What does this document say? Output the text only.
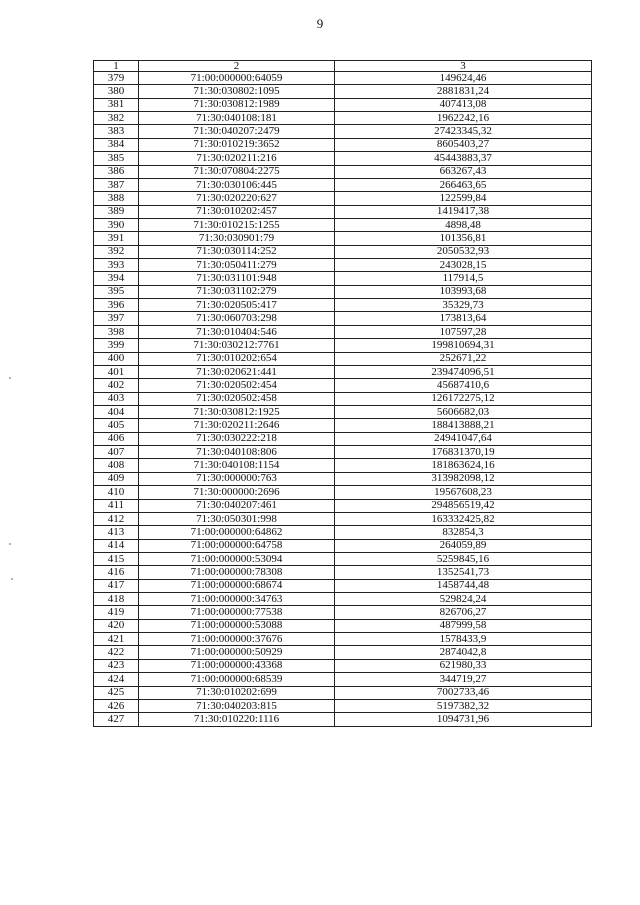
9
1	2	3
379	71:00:000000:64059	149624,46
380	71:30:030802:1095	2881831,24
381	71:30:030812:1989	407413,08
382	71:30:040108:181	1962242,16
383	71:30:040207:2479	27423345,32
384	71:30:010219:3652	8605403,27
385	71:30:020211:216	45443883,37
386	71:30:070804:2275	663267,43
387	71:30:030106:445	266463,65
388	71:30:020220:627	122599,84
389	71:30:010202:457	1419417,38
390	71:30:010215:1255	4898,48
391	71:30:030901:79	101356,81
392	71:30:030114:252	2050532,93
393	71:30:050411:279	243028,15
394	71:30:031101:948	117914,5
395	71:30:031102:279	103993,68
396	71:30:020505:417	35329,73
397	71:30:060703:298	173813,64
398	71:30:010404:546	107597,28
399	71:30:030212:7761	199810694,31
400	71:30:010202:654	252671,22
401	71:30:020621:441	239474096,51
402	71:30:020502:454	45687410,6
403	71:30:020502:458	126172275,12
404	71:30:030812:1925	5606682,03
405	71:30:020211:2646	188413888,21
406	71:30:030222:218	24941047,64
407	71:30:040108:806	176831370,19
408	71:30:040108:1154	181863624,16
409	71:30:000000:763	313982098,12
410	71:30:000000:2696	19567608,23
411	71:30:040207:461	294856519,42
412	71:30:050301:998	163332425,82
413	71:00:000000:64862	832854,3
414	71:00:000000:64758	264059,89
415	71:00:000000:53094	5259845,16
416	71:00:000000:78308	1352541,73
417	71:00:000000:68674	1458744,48
418	71:00:000000:34763	529824,24
419	71:00:000000:77538	826706,27
420	71:00:000000:53088	487999,58
421	71:00:000000:37676	1578433,9
422	71:00:000000:50929	2874042,8
423	71:00:000000:43368	621980,33
424	71:00:000000:68539	344719,27
425	71:30:010202:699	7002733,46
426	71:30:040203:815	5197382,32
427	71:30:010220:1116	1094731,96
